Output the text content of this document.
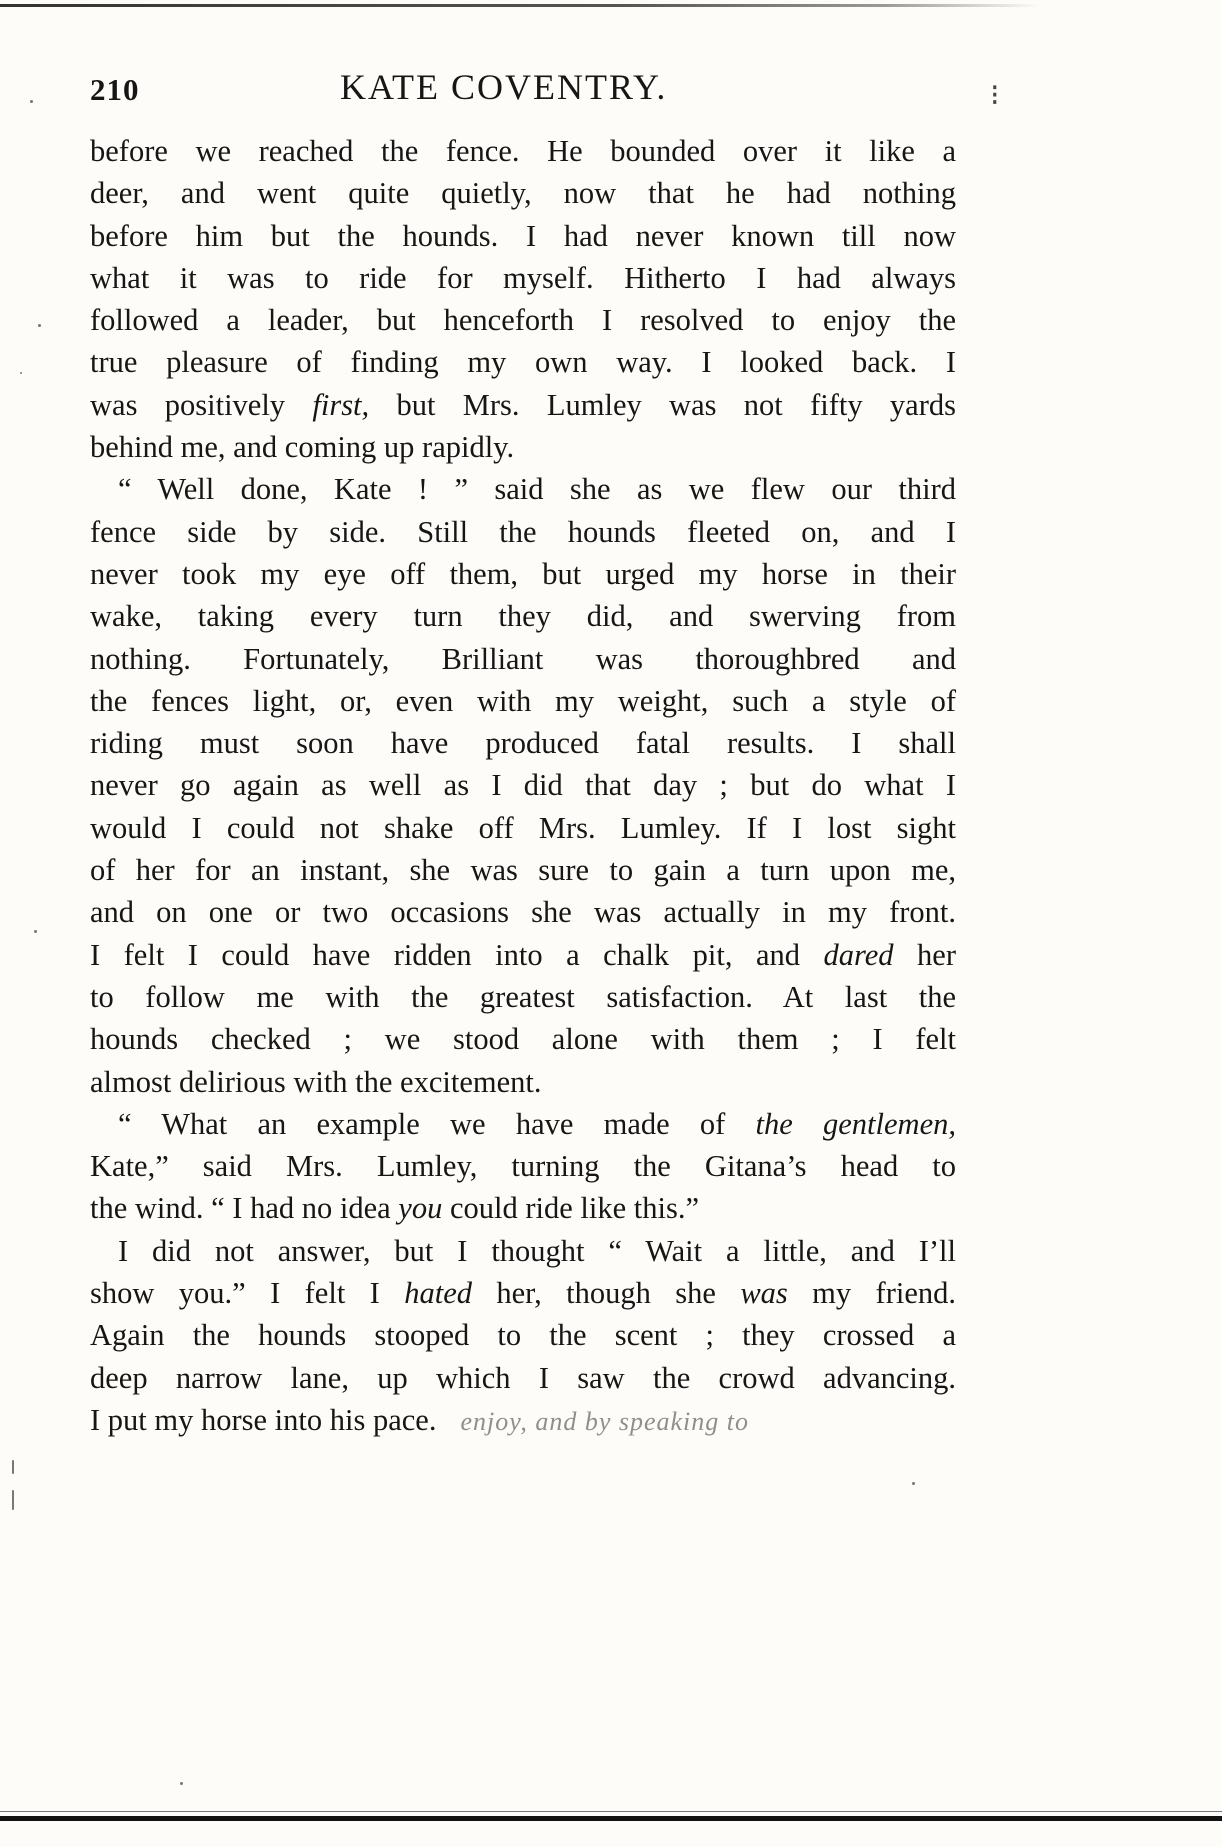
210	KATE COVENTRY.	⁝
before we reached the fence. He bounded over it like a
deer, and went quite quietly, now that he had nothing
before him but the hounds. I had never known till now
what it was to ride for myself. Hitherto I had always
followed a leader, but henceforth I resolved to enjoy the
true pleasure of finding my own way. I looked back. I
was positively first, but Mrs. Lumley was not fifty yards
behind me, and coming up rapidly.
“ Well done, Kate ! ” said she as we flew our third
fence side by side. Still the hounds fleeted on, and I
never took my eye off them, but urged my horse in their
wake, taking every turn they did, and swerving from
nothing. Fortunately, Brilliant was thoroughbred and
the fences light, or, even with my weight, such a style of
riding must soon have produced fatal results. I shall
never go again as well as I did that day ; but do what I
would I could not shake off Mrs. Lumley. If I lost sight
of her for an instant, she was sure to gain a turn upon me,
and on one or two occasions she was actually in my front.
I felt I could have ridden into a chalk pit, and dared her
to follow me with the greatest satisfaction. At last the
hounds checked ; we stood alone with them ; I felt
almost delirious with the excitement.
“ What an example we have made of the gentlemen,
Kate,” said Mrs. Lumley, turning the Gitana’s head to
the wind. “ I had no idea you could ride like this.”
I did not answer, but I thought “ Wait a little, and I’ll
show you.” I felt I hated her, though she was my friend.
Again the hounds stooped to the scent ; they crossed a
deep narrow lane, up which I saw the crowd advancing.
I put my horse into his pace. enjoy, and by speaking to
